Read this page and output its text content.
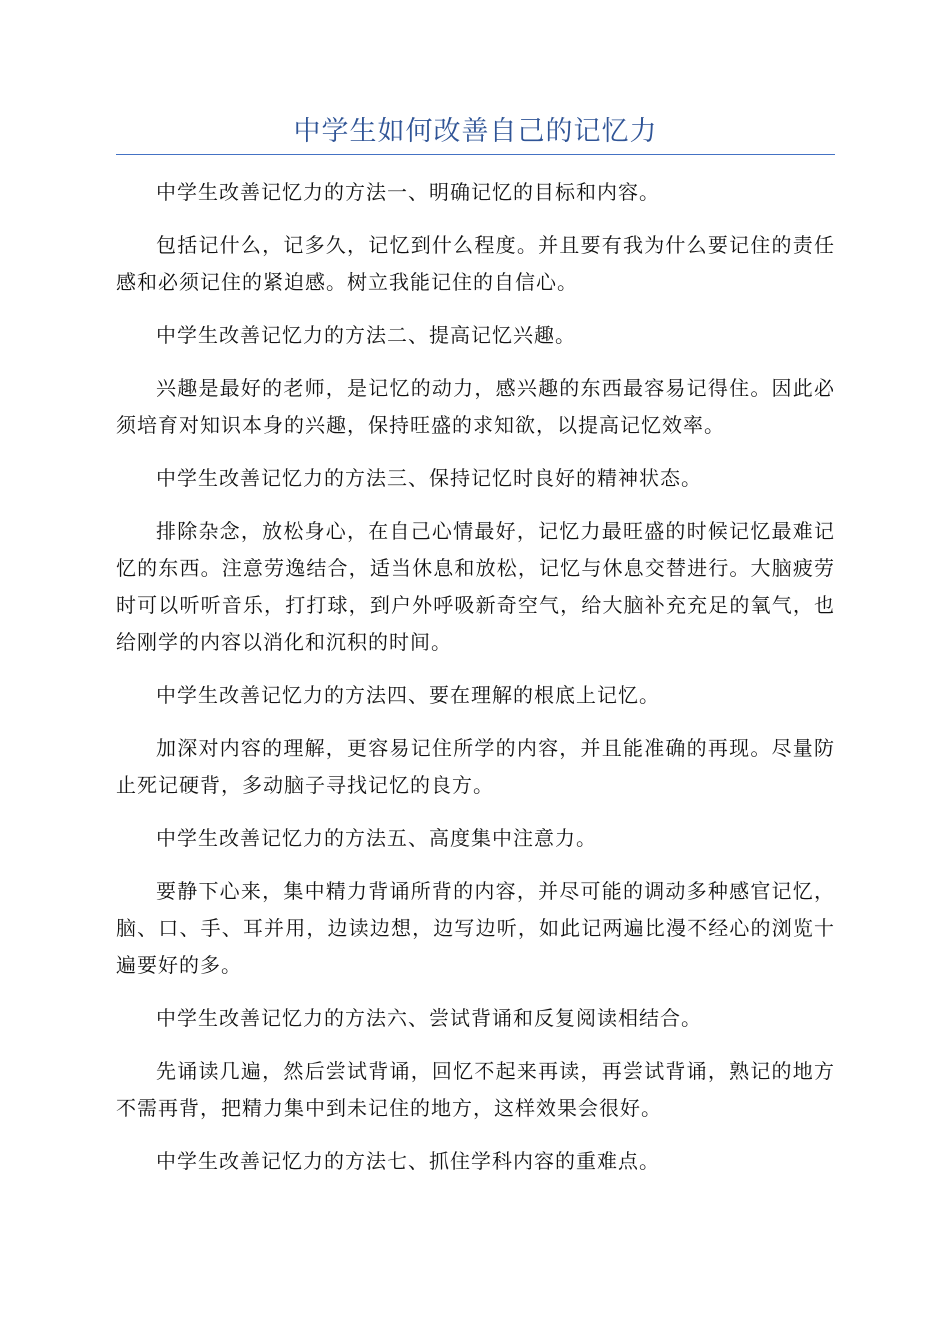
中学生如何改善自己的记忆力

中学生改善记忆力的方法一、明确记忆的目标和内容。

包括记什么，记多久，记忆到什么程度。并且要有我为什么要记住的责任感和必须记住的紧迫感。树立我能记住的自信心。

中学生改善记忆力的方法二、提高记忆兴趣。

兴趣是最好的老师，是记忆的动力，感兴趣的东西最容易记得住。因此必须培育对知识本身的兴趣，保持旺盛的求知欲，以提高记忆效率。

中学生改善记忆力的方法三、保持记忆时良好的精神状态。

排除杂念，放松身心，在自己心情最好，记忆力最旺盛的时候记忆最难记忆的东西。注意劳逸结合，适当休息和放松，记忆与休息交替进行。大脑疲劳时可以听听音乐，打打球，到户外呼吸新奇空气，给大脑补充充足的氧气，也给刚学的内容以消化和沉积的时间。

中学生改善记忆力的方法四、要在理解的根底上记忆。

加深对内容的理解，更容易记住所学的内容，并且能准确的再现。尽量防止死记硬背，多动脑子寻找记忆的良方。

中学生改善记忆力的方法五、高度集中注意力。

要静下心来，集中精力背诵所背的内容，并尽可能的调动多种感官记忆，脑、口、手、耳并用，边读边想，边写边听，如此记两遍比漫不经心的浏览十遍要好的多。

中学生改善记忆力的方法六、尝试背诵和反复阅读相结合。

先诵读几遍，然后尝试背诵，回忆不起来再读，再尝试背诵，熟记的地方不需再背，把精力集中到未记住的地方，这样效果会很好。

中学生改善记忆力的方法七、抓住学科内容的重难点。
